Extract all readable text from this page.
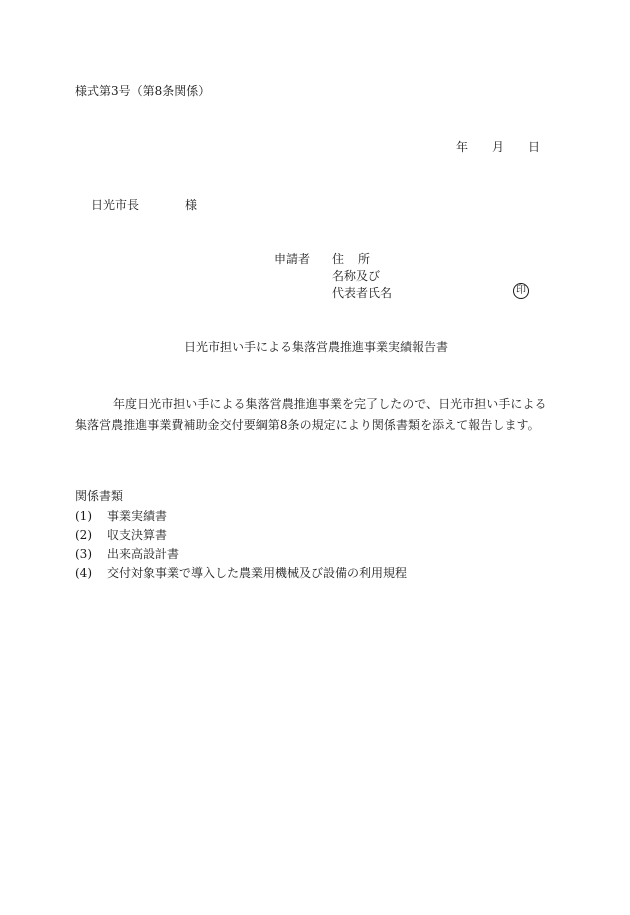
様式第3号（第8条関係）
年 月 日
日光市長	様
申請者 住 所
名称及び
代表者氏名	印
日光市担い手による集落営農推進事業実績報告書
年度日光市担い手による集落営農推進事業を完了したので、日光市担い手による集落営農推進事業費補助金交付要綱第8条の規定により関係書類を添えて報告します。
関係書類
(1) 事業実績書
(2) 収支決算書
(3) 出来高設計書
(4) 交付対象事業で導入した農業用機械及び設備の利用規程
